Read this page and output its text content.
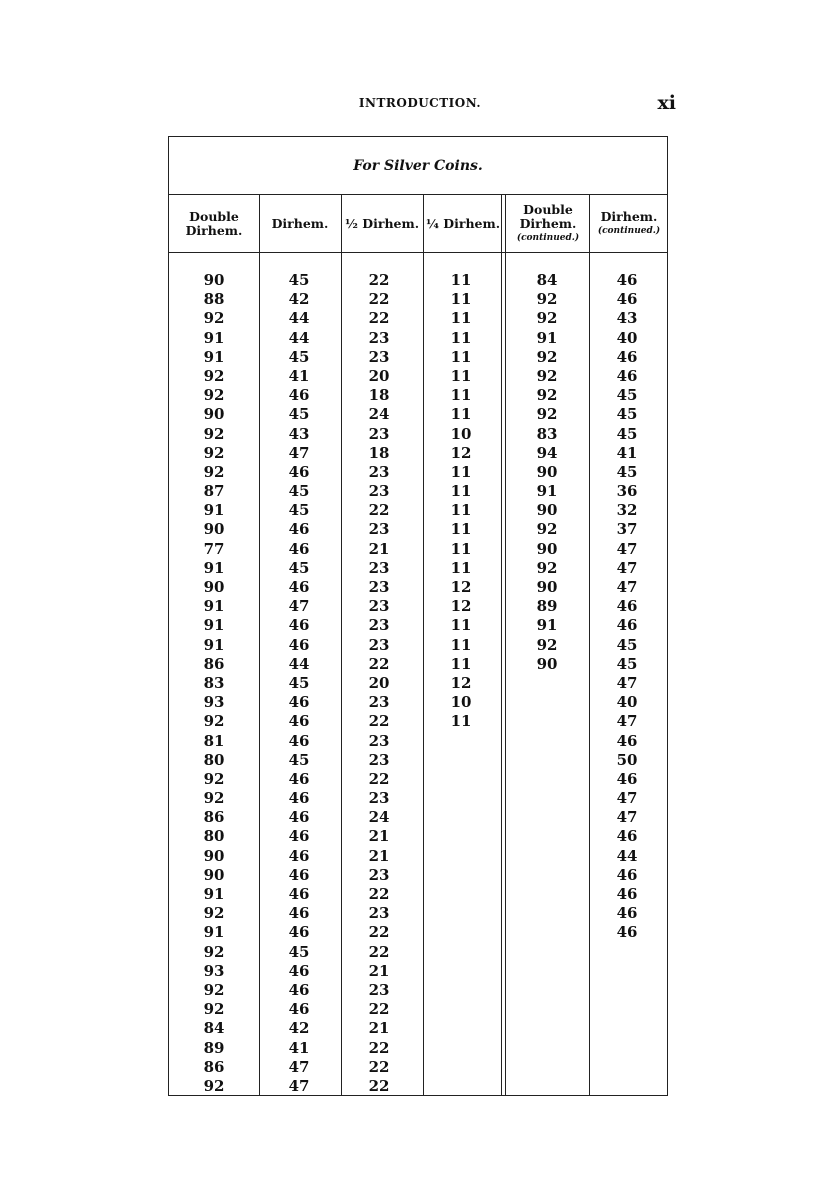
INTRODUCTION.	xi
For Silver Coins.
Double Dirhem. Dirhem. ½ Dirhem. ¼ Dirhem.
Double Dirhem.
(continued.)
Dirhem.
(continued.)
90
88
92
91
91
92
92
90
92
92
92
87
91
90
77
91
90
91
91
91
86
83
93
92
81
80
92
92
86
80
90
90
91
92
91
92
93
92
92
84
89
86
92
45
42
44
44
45
41
46
45
43
47
46
45
45
46
46
45
46
47
46
46
44
45
46
46
46
45
46
46
46
46
46
46
46
46
46
45
46
46
46
42
41
47
47
22
22
22
23
23
20
18
24
23
18
23
23
22
23
21
23
23
23
23
23
22
20
23
22
23
23
22
23
24
21
21
23
22
23
22
22
21
23
22
21
22
22
22
11
11
11
11
11
11
11
11
10
12
11
11
11
11
11
11
12
12
11
11
11
12
10
11
84
92
92
91
92
92
92
92
83
94
90
91
90
92
90
92
90
89
91
92
90
46
46
43
40
46
46
45
45
45
41
45
36
32
37
47
47
47
46
46
45
45
47
40
47
46
50
46
47
47
46
44
46
46
46
46
